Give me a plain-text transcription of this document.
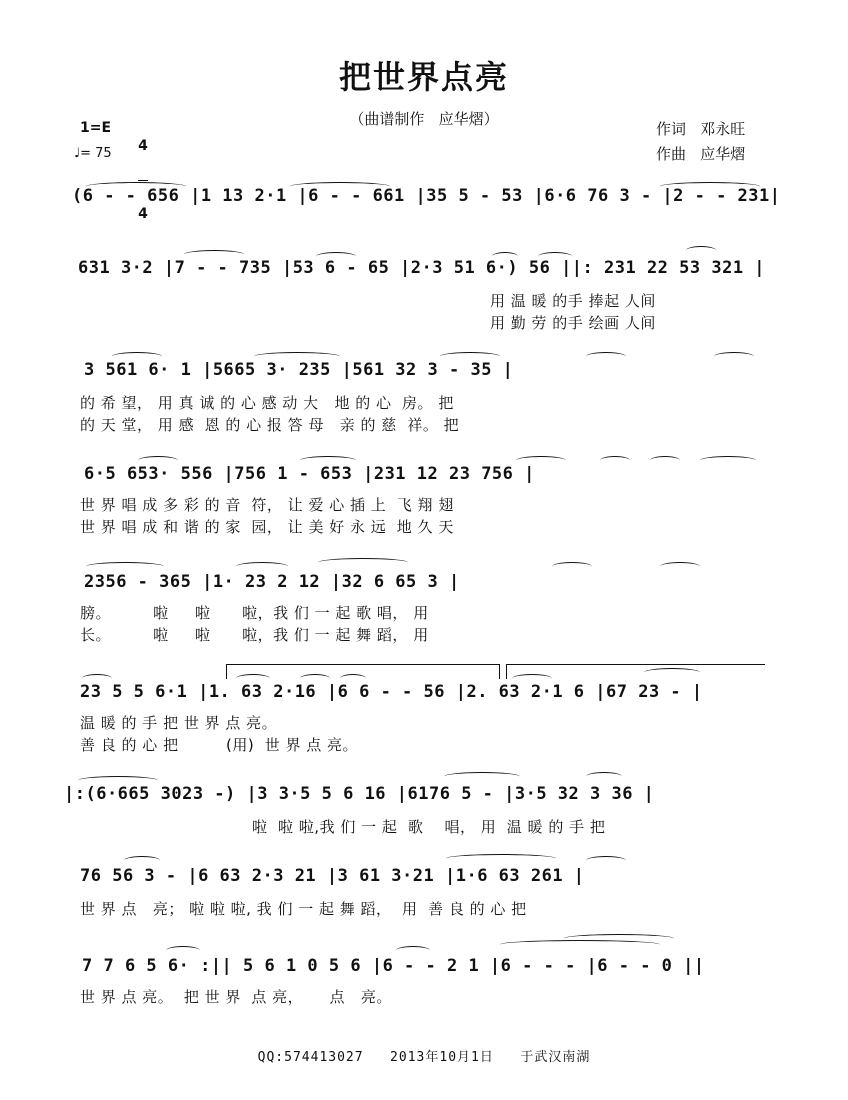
把世界点亮
（曲谱制作   应华熠）
1=E

4

4

♩= 75
作词   邓永旺
作曲   应华熠
(6 - - 656 |1 13 2·1 |6 - - 661 |35 5 - 53 |6·6 76 3 - |2 - - 231|
631 3·2 |7 - - 735 |53 6 - 65 |2·3 51 6·) 56 ||: 231 22 53 321 |
用 温 暖 的手 捧起 人间
用 勤 劳 的手 绘画 人间
3 561 6· 1 |5665 3· 235 |561 32 3 - 35 |
的 希 望， 用 真 诚 的 心 感 动 大   地 的 心  房。 把
的 天 堂， 用 感  恩 的 心 报 答 母   亲 的 慈  祥。 把
6·5 653· 556 |756 1 - 653 |231 12 23 756 |
世 界 唱 成 多 彩 的 音  符， 让 爱 心 插 上  飞 翔 翅
世 界 唱 成 和 谐 的 家  园， 让 美 好 永 远  地 久 天
2356 - 365 |1· 23 2 12 |32 6 65 3 |
膀。        啦     啦      啦，我 们 一 起 歌 唱， 用
长。        啦     啦      啦，我 们 一 起 舞 蹈， 用
23 5 5 6·1 |1. 63 2·16 |6 6 - - 56 |2. 63 2·1 6 |67 23 - |
温 暖 的 手 把 世 界 点 亮。
善 良 的 心 把         (用)  世 界 点 亮。
|:(6·665 3023 -) |3 3·5 5 6 16 |6176 5 - |3·5 32 3 36 |
啦  啦 啦,我 们 一 起  歌    唱， 用  温 暖 的 手 把
76 56 3 - |6 63 2·3 21 |3 61 3·21 |1·6 63 261 |
世 界 点   亮； 啦 啦 啦, 我 们 一 起 舞 蹈，  用  善 良 的 心 把
7 7 6 5 6· :|| 5 6 1 0 5 6 |6 - - 2 1 |6 - - - |6 - - 0 ||
世 界 点 亮。  把 世 界  点 亮，     点   亮。
QQ:574413027   2013年10月1日   于武汉南湖
